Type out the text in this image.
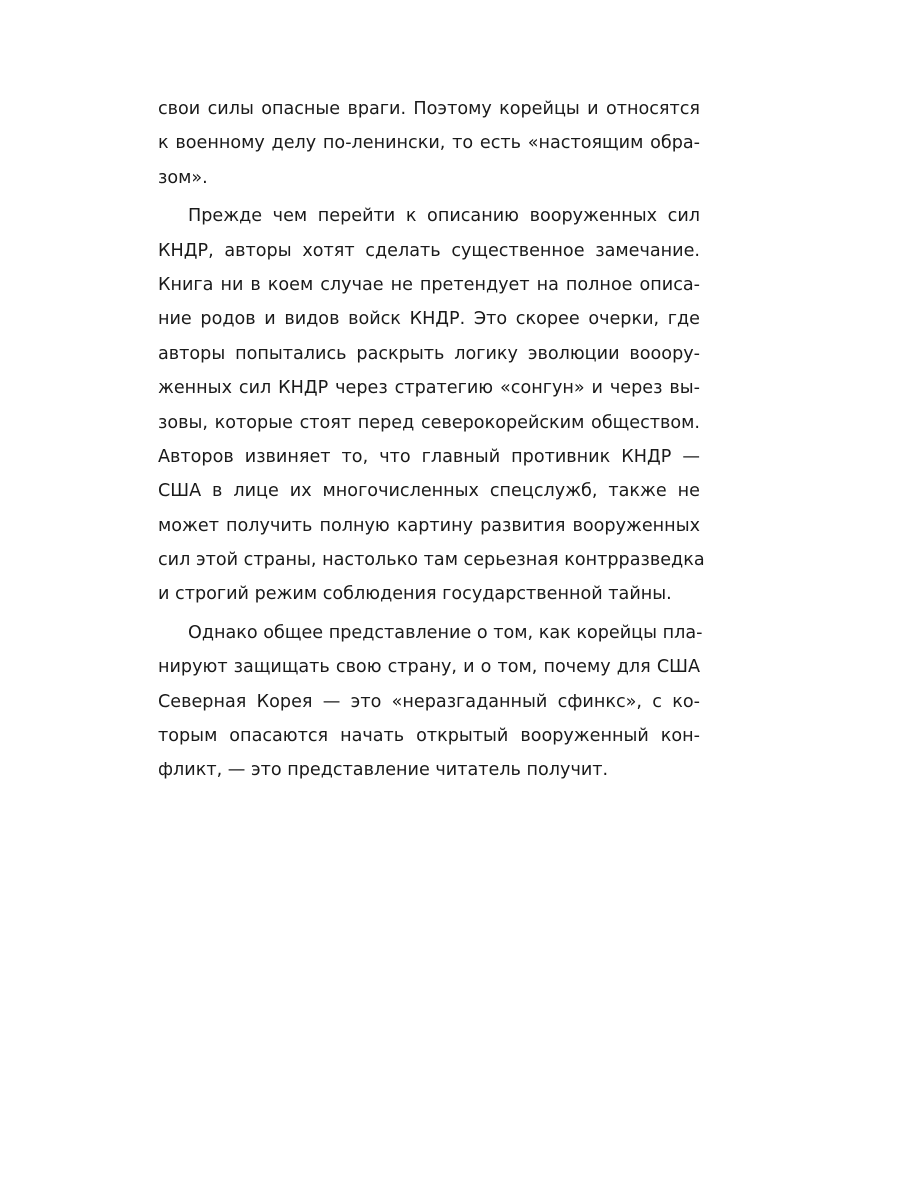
свои силы опасные враги. Поэтому корейцы и относятся
к военному делу по-ленински, то есть «настоящим обра-
зом».
Прежде чем перейти к описанию вооруженных сил
КНДР, авторы хотят сделать существенное замечание.
Книга ни в коем случае не претендует на полное описа-
ние родов и видов войск КНДР. Это скорее очерки, где
авторы попытались раскрыть логику эволюции вооору-
женных сил КНДР через стратегию «сонгун» и через вы-
зовы, которые стоят перед северокорейским обществом.
Авторов извиняет то, что главный противник КНДР —
США в лице их многочисленных спецслужб, также не
может получить полную картину развития вооруженных
сил этой страны, настолько там серьезная контрразведка
и строгий режим соблюдения государственной тайны.
Однако общее представление о том, как корейцы пла-
нируют защищать свою страну, и о том, почему для США
Северная Корея — это «неразгаданный сфинкс», с ко-
торым опасаются начать открытый вооруженный кон-
фликт, — это представление читатель получит.
